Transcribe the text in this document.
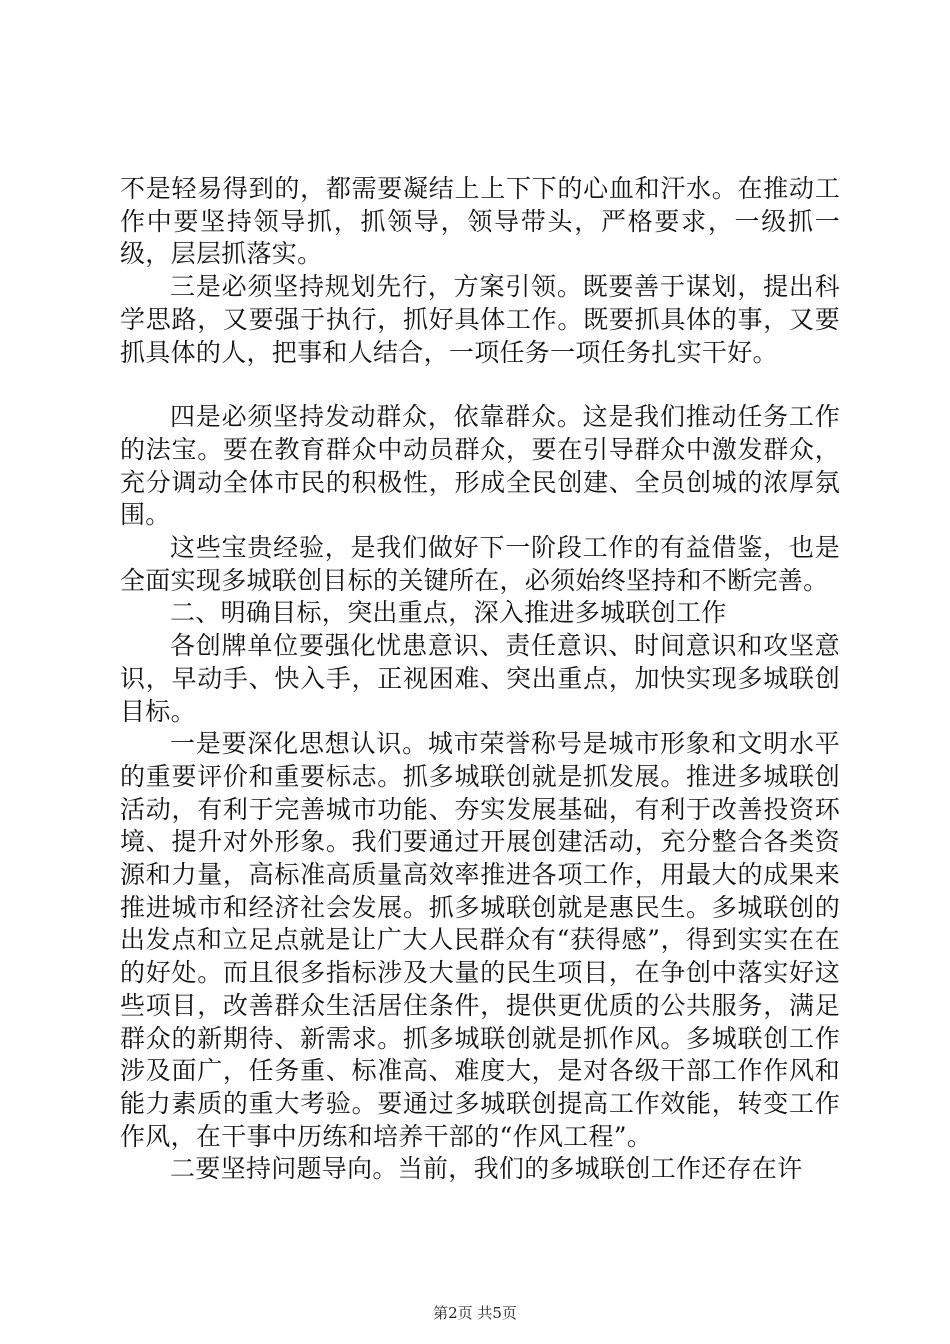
不是轻易得到的，都需要凝结上上下下的心血和汗水。在推动工作中要坚持领导抓，抓领导，领导带头，严格要求，一级抓一级，层层抓落实。

三是必须坚持规划先行，方案引领。既要善于谋划，提出科学思路，又要强于执行，抓好具体工作。既要抓具体的事，又要抓具体的人，把事和人结合，一项任务一项任务扎实干好。

四是必须坚持发动群众，依靠群众。这是我们推动任务工作的法宝。要在教育群众中动员群众，要在引导群众中激发群众，充分调动全体市民的积极性，形成全民创建、全员创城的浓厚氛围。

这些宝贵经验，是我们做好下一阶段工作的有益借鉴，也是全面实现多城联创目标的关键所在，必须始终坚持和不断完善。

二、明确目标，突出重点，深入推进多城联创工作

各创牌单位要强化忧患意识、责任意识、时间意识和攻坚意识，早动手、快入手，正视困难、突出重点，加快实现多城联创目标。

一是要深化思想认识。城市荣誉称号是城市形象和文明水平的重要评价和重要标志。抓多城联创就是抓发展。推进多城联创活动，有利于完善城市功能、夯实发展基础，有利于改善投资环境、提升对外形象。我们要通过开展创建活动，充分整合各类资源和力量，高标准高质量高效率推进各项工作，用最大的成果来推进城市和经济社会发展。抓多城联创就是惠民生。多城联创的出发点和立足点就是让广大人民群众有“获得感”，得到实实在在的好处。而且很多指标涉及大量的民生项目，在争创中落实好这些项目，改善群众生活居住条件，提供更优质的公共服务，满足群众的新期待、新需求。抓多城联创就是抓作风。多城联创工作涉及面广，任务重、标准高、难度大，是对各级干部工作作风和能力素质的重大考验。要通过多城联创提高工作效能，转变工作作风，在干事中历练和培养干部的“作风工程”。

二要坚持问题导向。当前，我们的多城联创工作还存在许

第2页 共5页
